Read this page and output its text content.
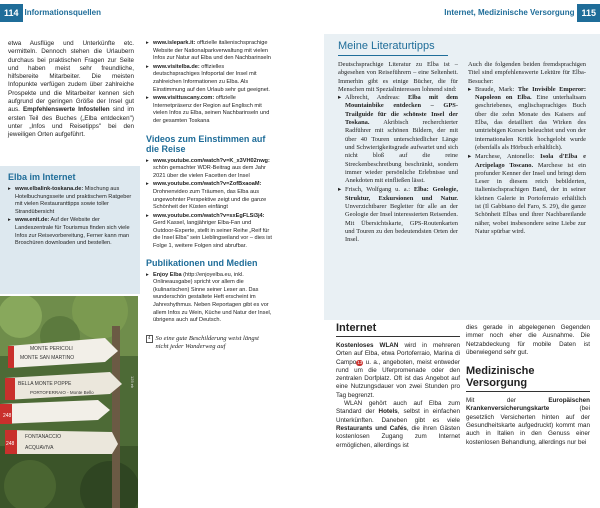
114 Informationsquellen
etwa Ausflüge und Unterkünfte etc. vermitteln. Dennoch stehen die Urlaubern durchaus bei praktischen Fragen zur Seite und haben meist sehr freundliche, hilfsbereite Mitarbeiter. Die meisten Infopunkte verfügen zudem über zahlreiche Prospekte und die Mitarbeiter kennen sich aufgrund der geringen Größe der Insel gut aus. Empfehlenswerte Infostellen sind im ersten Teil des Buches („Elba entdecken") unter „Infos und Reisetipps" bei den jeweiligen Orten aufgeführt.
Elba im Internet
▸ www.elbalink-toskana.de: Mischung aus Hotelbuchungsseite und praktischem Ratgeber mit vielen Restauranttipps sowie toller Strandübersicht
▸ www.enit.de: Auf der Website der Landeszentrale für Tourismus finden sich viele Infos zur Reisevorbereitung, Ferner kann man Broschüren downloaden und bestellen.
MONTE PERICOLI
MONTE SAN MARTINO
BELLA MONTE POPPE
PORTOFERRAIO - Monte Bello
248
FONTANACCIO
ACQUAVIVA
248
125 eb
▸ www.islepark.it: offizielle italienischsprachige Website der Nationalparkverwaltung mit vielen Infos zur Natur auf Elba und den Nachbarinseln
▸ www.visitelba.de: offizielles deutschsprachiges Infoportal der Insel mit zahlreichen Informationen zu Elba. Als Einstimmung auf den Urlaub sehr gut geeignet.
▸ www.visittuscany.com: offizielle Internetpräsenz der Region auf Englisch mit vielen Infos zu Elba, seinen Nachbarinseln und der gesamten Toskana
Videos zum Einstimmen auf die Reise
▸ www.youtube.com/watch?v=K_x3VH02nwg: schön gemachter WDR-Beitrag aus dem Jahr 2021 über die vielen Facetten der Insel
▸ www.youtube.com/watch?v=ZofBxaoaM: Drohnenvideo zum Träumen, das Elba aus ungewohnter Perspektive zeigt und die ganze Schönheit der Küsten einfängt
▸ www.youtube.com/watch?v=sxEgFLSi3j4: Gerd Kassel, langjähriger Elba-Fan und Outdoor-Experte, stellt in seiner Reihe „Reif für die Insel Elba" sein Lieblingseiland vor – dies ist Folge 1, weitere Folgen sind abrufbar.
Publikationen und Medien
▸ Enjoy Elba (http://enjoyelba.eu, inkl. Onlineausgabe) spricht vor allem die (kulinarischen) Sinne seiner Leser an. Das wunderschön gestaltete Heft erscheint im Jahreshythmus. Neben Reportagen gibt es vor allem Infos zu Wein, Küche und Natur der Insel, übrigens auch auf Deutsch.
4 So eine gute Beschilderung weist längst nicht jeder Wanderweg auf
Internet, Medizinische Versorgung 115
Meine Literaturtipps

Deutschsprachige Literatur zu Elba ist – abgesehen von Reiseführern – eine Seltenheit. Immerhin gibt es einige Bücher, die für Menschen mit Spezialinteressen lohnend sind:

▸ Albrecht, Andreas: Elba mit dem Mountainbike entdecken – GPS-Trailguide für die schönste Insel der Toskana. Akribisch recherchierter Radführer mit schönen Bildern, der mit über 40 Touren unterschiedlicher Länge und Schwierigkeitsgrade aufwartet und sich nicht bloß auf die reine Streckenbeschreibung beschränkt, sondern immer wieder persönliche Erlebnisse und Anekdoten mit einfließen lässt.
▸ Frisch, Wolfgang u. a.: Elba: Geologie, Struktur, Exkursionen und Natur. Unverzichtbarer Begleiter für alle an der Geologie der Insel interessierten Reisenden. Mit Übersichtskarte, GPS-Routenkarten und Touren zu den bedeutendsten Orten der Insel.

Auch die folgenden beiden fremdsprachigen Titel sind empfehlenswerte Lektüre für Elba-Besucher:

▸ Braude, Mark: The Invisible Emperor: Napoleon on Elba. Eine unterhaltsam geschriebenes, englischsprachiges Buch über die zehn Monate des Kaisers auf Elba, das detailliert das Wirken des umtriebigen Korsen beleuchtet und von der internationalen Kritik hochgelobt wurde (ebenfalls als Hörbuch erhältlich).
▸ Marchese, Antonello: Isola d'Elba e Arcipelago Toscano. Marchese ist ein profunder Kenner der Insel und bringt dem Leser in diesem reich bebilderten, italienischsprachigen Band, der in seiner kleinen Galerie in Portoferraio erhältlich ist (Il Gabbiano del Faro, S. 29), die ganze Schönheit Elbas und ihrer Nachbareilande näher, wobei insbesondere seine Liebe zur Natur spürbar wird.
Internet

Kostenloses WLAN wird in mehreren Orten auf Elba, etwa Portoferraio, Marina di Campo13 u. a., angeboten, meist entweder rund um die Uferpromenade oder den zentralen Dorfplatz. Oft ist das Angebot auf eine Nutzungsdauer von zwei Stunden pro Tag begrenzt.

WLAN gehört auch auf Elba zum Standard der Hotels, selbst in einfachen Unterkünften. Daneben gibt es viele Restaurants und Cafés, die ihren Gästen kostenlosen Zugang zum Internet ermöglichen, allerdings ist

dies gerade in abgelegenen Gegenden immer noch eher die Ausnahme. Die Netzabdeckung für mobile Daten ist überwiegend sehr gut.

Medizinische Versorgung

Mit der Europäischen Krankenversicherungskarte (bei gesetzlich Versicherten hinten auf der Gesundheitskarte aufgedruckt) kommt man auch in Italien in den Genuss einer kostenlosen Behandlung, allerdings nur bei
